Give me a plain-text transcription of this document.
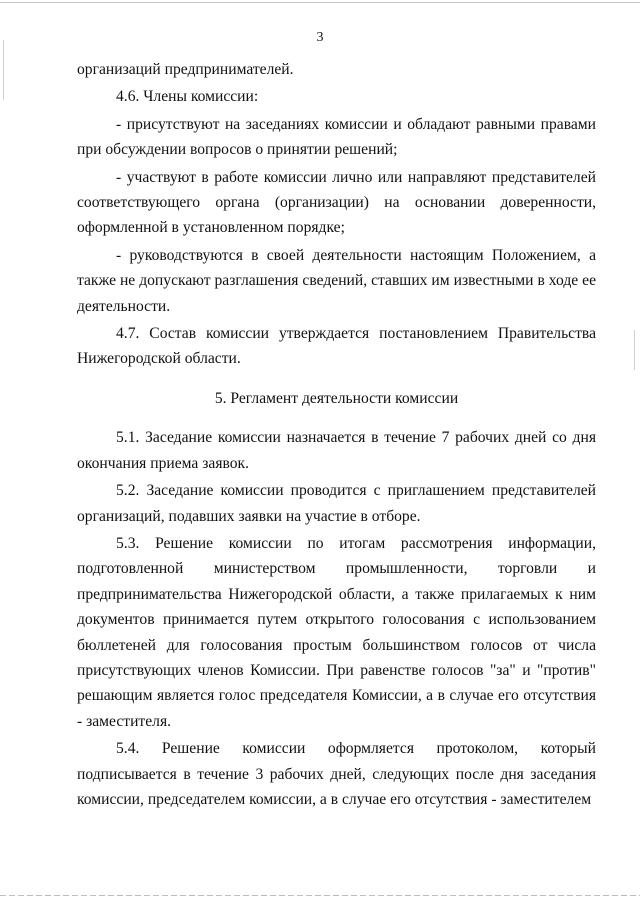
3

организаций предпринимателей.

4.6. Члены комиссии:

- присутствуют на заседаниях комиссии и обладают равными правами при обсуждении вопросов о принятии решений;

- участвуют в работе комиссии лично или направляют представителей соответствующего органа (организации) на основании доверенности, оформленной в установленном порядке;

- руководствуются в своей деятельности настоящим Положением, а также не допускают разглашения сведений, ставших им известными в ходе ее деятельности.

4.7. Состав комиссии утверждается постановлением Правительства Нижегородской области.

5. Регламент деятельности комиссии

5.1. Заседание комиссии назначается в течение 7 рабочих дней со дня окончания приема заявок.

5.2. Заседание комиссии проводится с приглашением представителей организаций, подавших заявки на участие в отборе.

5.3. Решение комиссии по итогам рассмотрения информации, подготовленной министерством промышленности, торговли и предпринимательства Нижегородской области, а также прилагаемых к ним документов принимается путем открытого голосования с использованием бюллетеней для голосования простым большинством голосов от числа присутствующих членов Комиссии. При равенстве голосов "за" и "против" решающим является голос председателя Комиссии, а в случае его отсутствия - заместителя.

5.4. Решение комиссии оформляется протоколом, который подписывается в течение 3 рабочих дней, следующих после дня заседания комиссии, председателем комиссии, а в случае его отсутствия - заместителем
